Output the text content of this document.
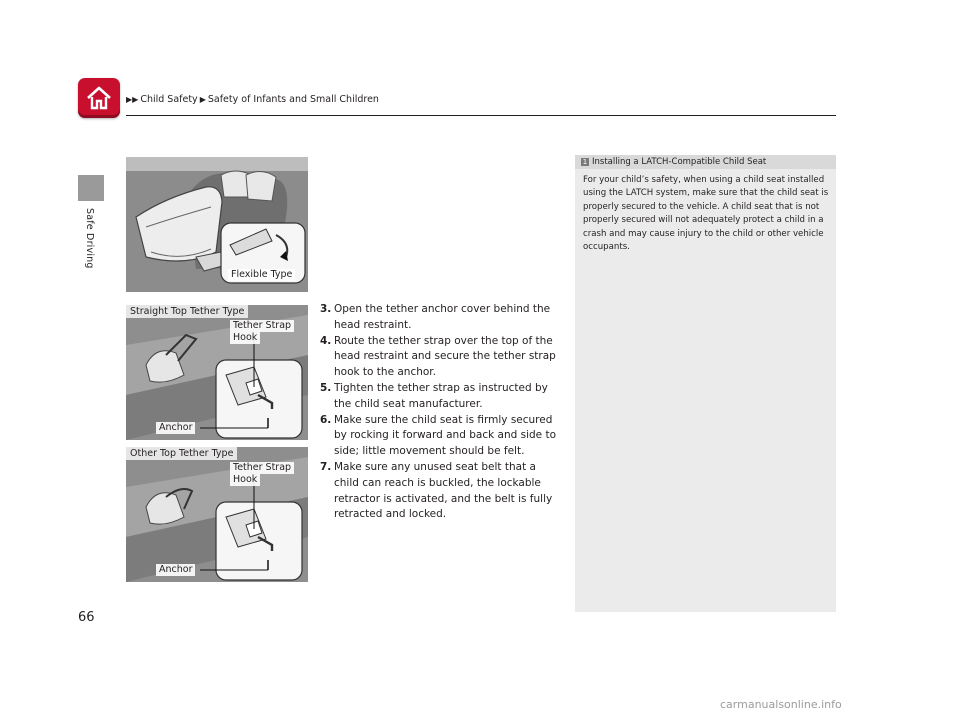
▶▶ Child Safety ▶ Safety of Infants and Small Children
Safe Driving
Flexible Type
Straight Top Tether Type
Tether Strap
Hook
Anchor
Other Top Tether Type
Tether Strap
Hook
Anchor
3. Open the tether anchor cover behind the head restraint.
4. Route the tether strap over the top of the head restraint and secure the tether strap hook to the anchor.
5. Tighten the tether strap as instructed by the child seat manufacturer.
6. Make sure the child seat is firmly secured by rocking it forward and back and side to side; little movement should be felt.
7. Make sure any unused seat belt that a child can reach is buckled, the lockable retractor is activated, and the belt is fully retracted and locked.
1 Installing a LATCH-Compatible Child Seat
For your child’s safety, when using a child seat installed using the LATCH system, make sure that the child seat is properly secured to the vehicle. A child seat that is not properly secured will not adequately protect a child in a crash and may cause injury to the child or other vehicle occupants.
66
carmanualsonline.info
